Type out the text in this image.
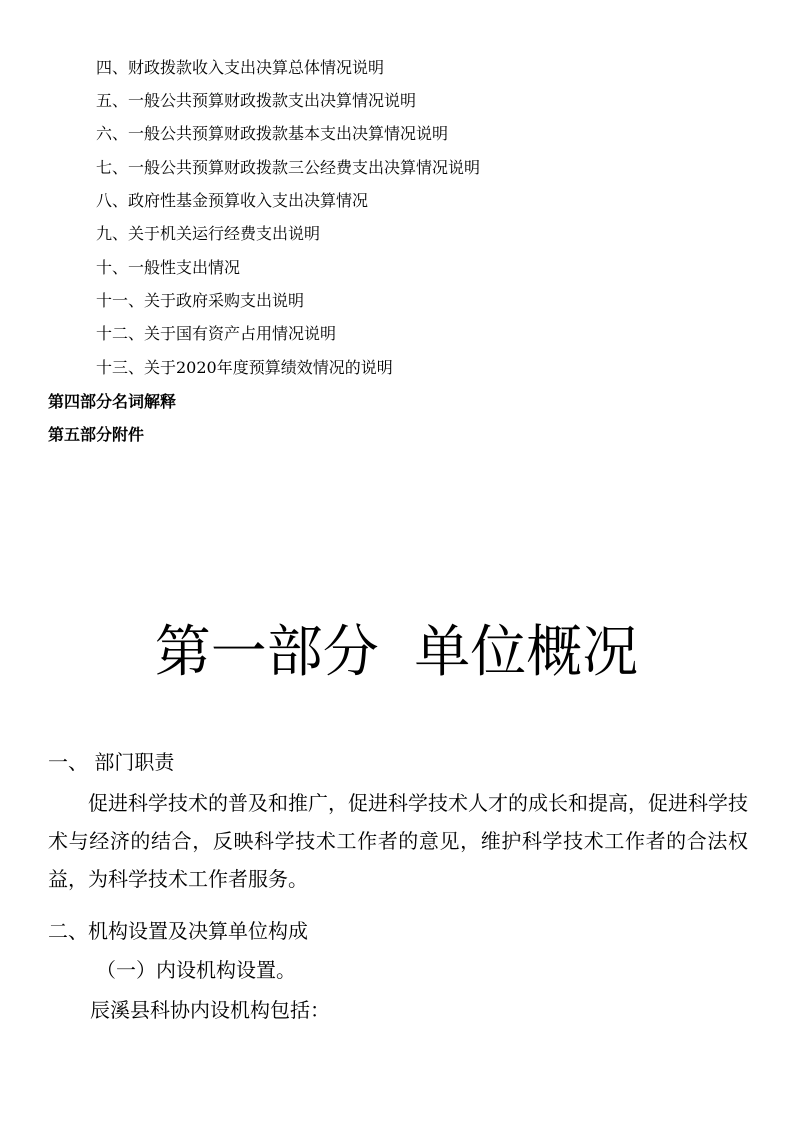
四、财政拨款收入支出决算总体情况说明
五、一般公共预算财政拨款支出决算情况说明
六、一般公共预算财政拨款基本支出决算情况说明
七、一般公共预算财政拨款三公经费支出决算情况说明
八、政府性基金预算收入支出决算情况
九、关于机关运行经费支出说明
十、一般性支出情况
十一、关于政府采购支出说明
十二、关于国有资产占用情况说明
十三、关于2020年度预算绩效情况的说明
第四部分名词解释
第五部分附件
第一部分  单位概况
一、 部门职责
促进科学技术的普及和推广，促进科学技术人才的成长和提高，促进科学技术与经济的结合，反映科学技术工作者的意见，维护科学技术工作者的合法权益，为科学技术工作者服务。
二、机构设置及决算单位构成
（一）内设机构设置。
辰溪县科协内设机构包括：
